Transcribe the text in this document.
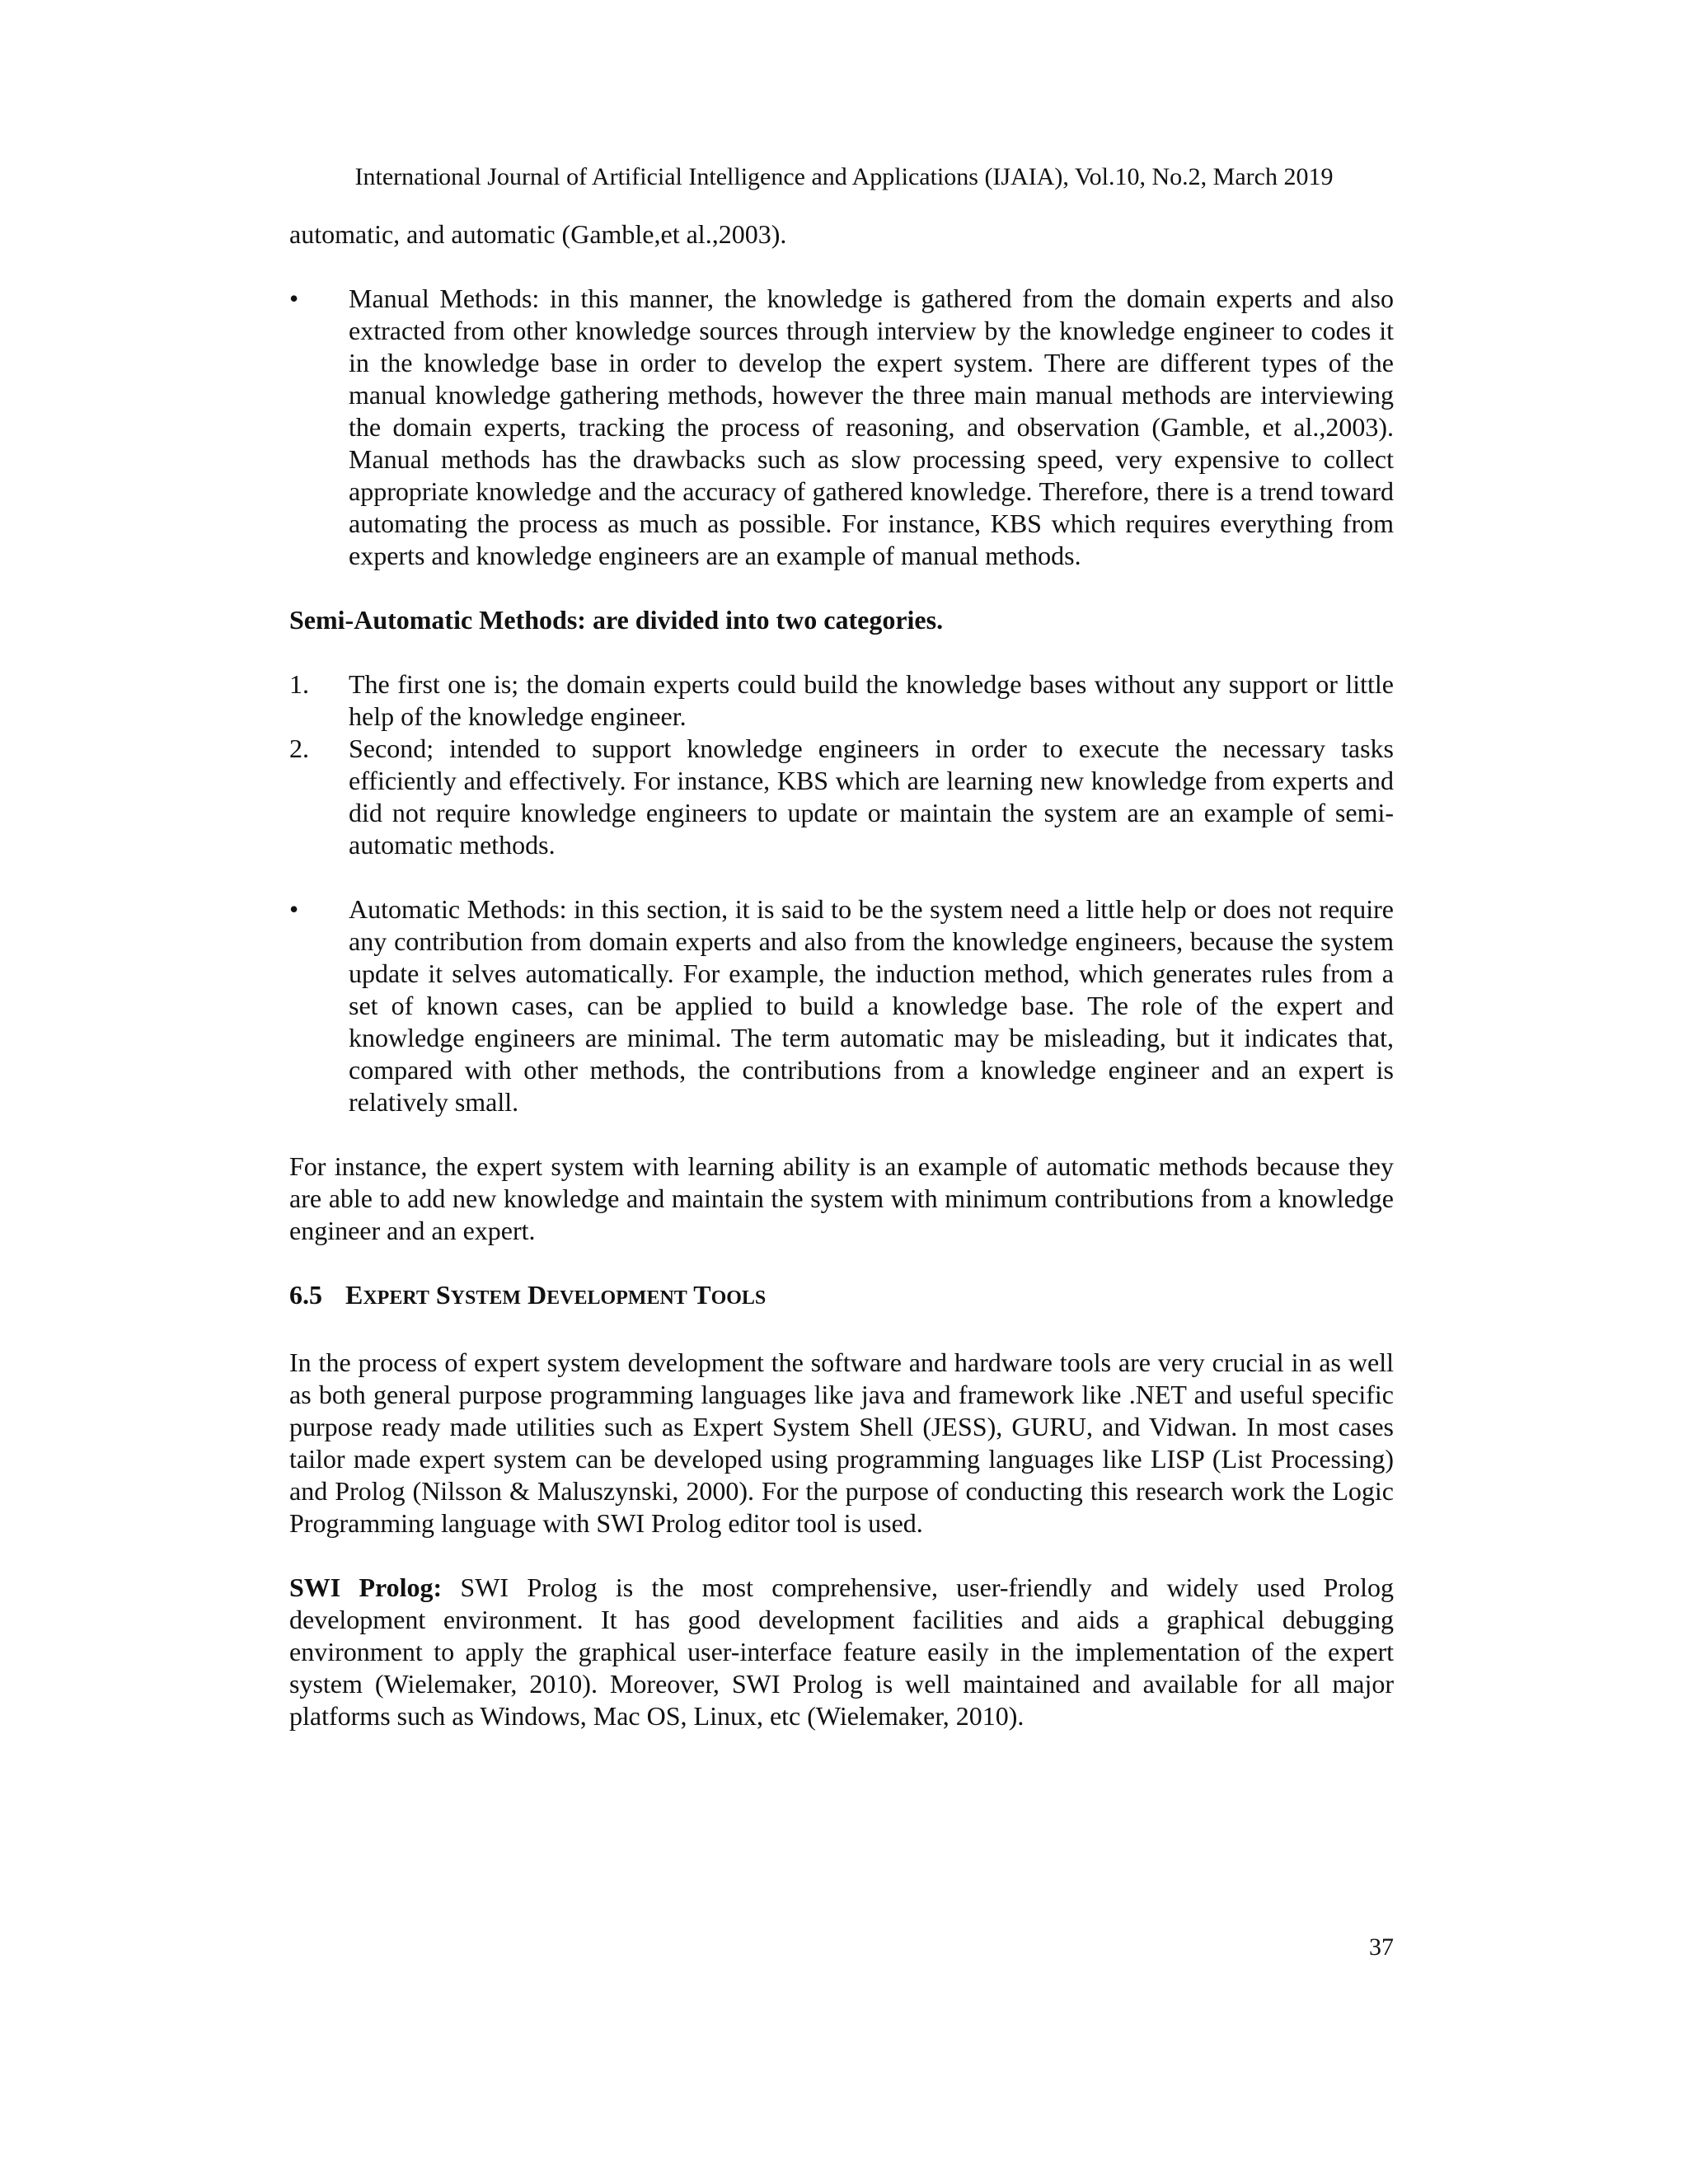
International Journal of Artificial Intelligence and Applications (IJAIA), Vol.10, No.2, March 2019

automatic, and automatic (Gamble,et al.,2003).

• Manual Methods: in this manner, the knowledge is gathered from the domain experts and also extracted from other knowledge sources through interview by the knowledge engineer to codes it in the knowledge base in order to develop the expert system. There are different types of the manual knowledge gathering methods, however the three main manual methods are interviewing the domain experts, tracking the process of reasoning, and observation (Gamble, et al.,2003). Manual methods has the drawbacks such as slow processing speed, very expensive to collect appropriate knowledge and the accuracy of gathered knowledge. Therefore, there is a trend toward automating the process as much as possible. For instance, KBS which requires everything from experts and knowledge engineers are an example of manual methods.

Semi-Automatic Methods: are divided into two categories.

1. The first one is; the domain experts could build the knowledge bases without any support or little help of the knowledge engineer.
2. Second; intended to support knowledge engineers in order to execute the necessary tasks efficiently and effectively. For instance, KBS which are learning new knowledge from experts and did not require knowledge engineers to update or maintain the system are an example of semi-automatic methods.
• Automatic Methods: in this section, it is said to be the system need a little help or does not require any contribution from domain experts and also from the knowledge engineers, because the system update it selves automatically. For example, the induction method, which generates rules from a set of known cases, can be applied to build a knowledge base. The role of the expert and knowledge engineers are minimal. The term automatic may be misleading, but it indicates that, compared with other methods, the contributions from a knowledge engineer and an expert is relatively small.

For instance, the expert system with learning ability is an example of automatic methods because they are able to add new knowledge and maintain the system with minimum contributions from a knowledge engineer and an expert.

6.5 EXPERT SYSTEM DEVELOPMENT TOOLS

In the process of expert system development the software and hardware tools are very crucial in as well as both general purpose programming languages like java and framework like .NET and useful specific purpose ready made utilities such as Expert System Shell (JESS), GURU, and Vidwan. In most cases tailor made expert system can be developed using programming languages like LISP (List Processing) and Prolog (Nilsson & Maluszynski, 2000). For the purpose of conducting this research work the Logic Programming language with SWI Prolog editor tool is used.

SWI Prolog: SWI Prolog is the most comprehensive, user-friendly and widely used Prolog development environment. It has good development facilities and aids a graphical debugging environment to apply the graphical user-interface feature easily in the implementation of the expert system (Wielemaker, 2010). Moreover, SWI Prolog is well maintained and available for all major platforms such as Windows, Mac OS, Linux, etc (Wielemaker, 2010).

37
